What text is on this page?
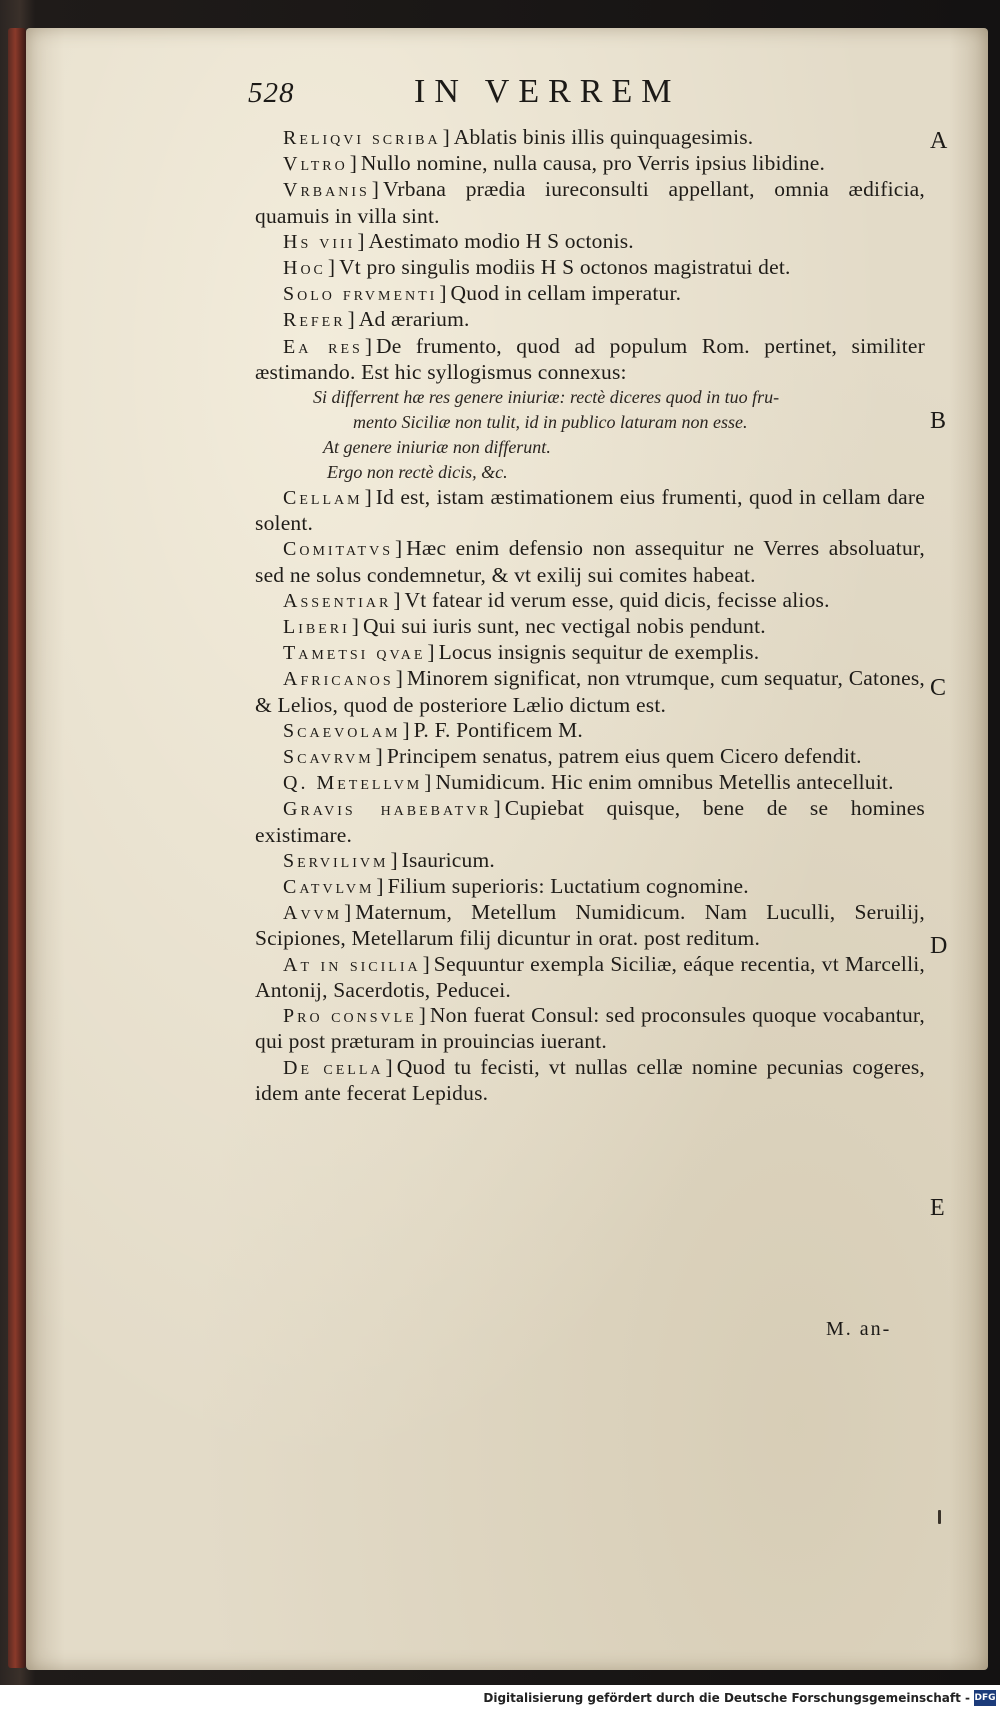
528	IN VERREM

Reliqvi scriba] Ablatis binis illis quinquagesimis.

Vltro] Nullo nomine, nulla causa, pro Verris ipsius libidine.

Vrbanis] Vrbana prædia iureconsulti appellant, omnia ædificia, quamuis in villa sint.

Hs viii] Aestimato modio H S octonis.

Hoc] Vt pro singulis modiis H S octonos magistratui det.

Solo frvmenti] Quod in cellam imperatur.

Refer] Ad ærarium.

Ea res] De frumento, quod ad populum Rom. pertinet, similiter æstimando. Est hic syllogismus connexus:

Si differrent hæ res genere iniuriæ: rectè diceres quod in tuo fru-

mento Siciliæ non tulit, id in publico laturam non esse.

At genere iniuriæ non differunt.

Ergo non rectè dicis, &c.

Cellam] Id est, istam æstimationem eius frumenti, quod in cellam dare solent.

Comitatvs] Hæc enim defensio non assequitur ne Verres absoluatur, sed ne solus condemnetur, & vt exilij sui comites habeat.

Assentiar] Vt fatear id verum esse, quid dicis, fecisse alios.

Liberi] Qui sui iuris sunt, nec vectigal nobis pendunt.

Tametsi qvae] Locus insignis sequitur de exemplis.

Africanos] Minorem significat, non vtrumque, cum sequatur, Catones, & Lelios, quod de posteriore Lælio dictum est.

Scaevolam] P. F. Pontificem M.

Scavrvm] Principem senatus, patrem eius quem Cicero defendit.

Q. Metellvm] Numidicum. Hic enim omnibus Metellis antecelluit.

Gravis habebatvr] Cupiebat quisque, bene de se homines existimare.

Servilivm] Isauricum.

Catvlvm] Filium superioris: Luctatium cognomine.

Avvm] Maternum, Metellum Numidicum. Nam Luculli, Seruilij, Scipiones, Metellarum filij dicuntur in orat. post reditum.

At in sicilia] Sequuntur exempla Siciliæ, eáque recentia, vt Marcelli, Antonij, Sacerdotis, Peducei.

Pro consvle] Non fuerat Consul: sed proconsules quoque vocabantur, qui post præturam in prouincias iuerant.

De cella] Quod tu fecisti, vt nullas cellæ nomine pecunias cogeres, idem ante fecerat Lepidus.

A
B
C
D
E
M. an-
Digitalisierung gefördert durch die Deutsche Forschungsgemeinschaft - DFG
